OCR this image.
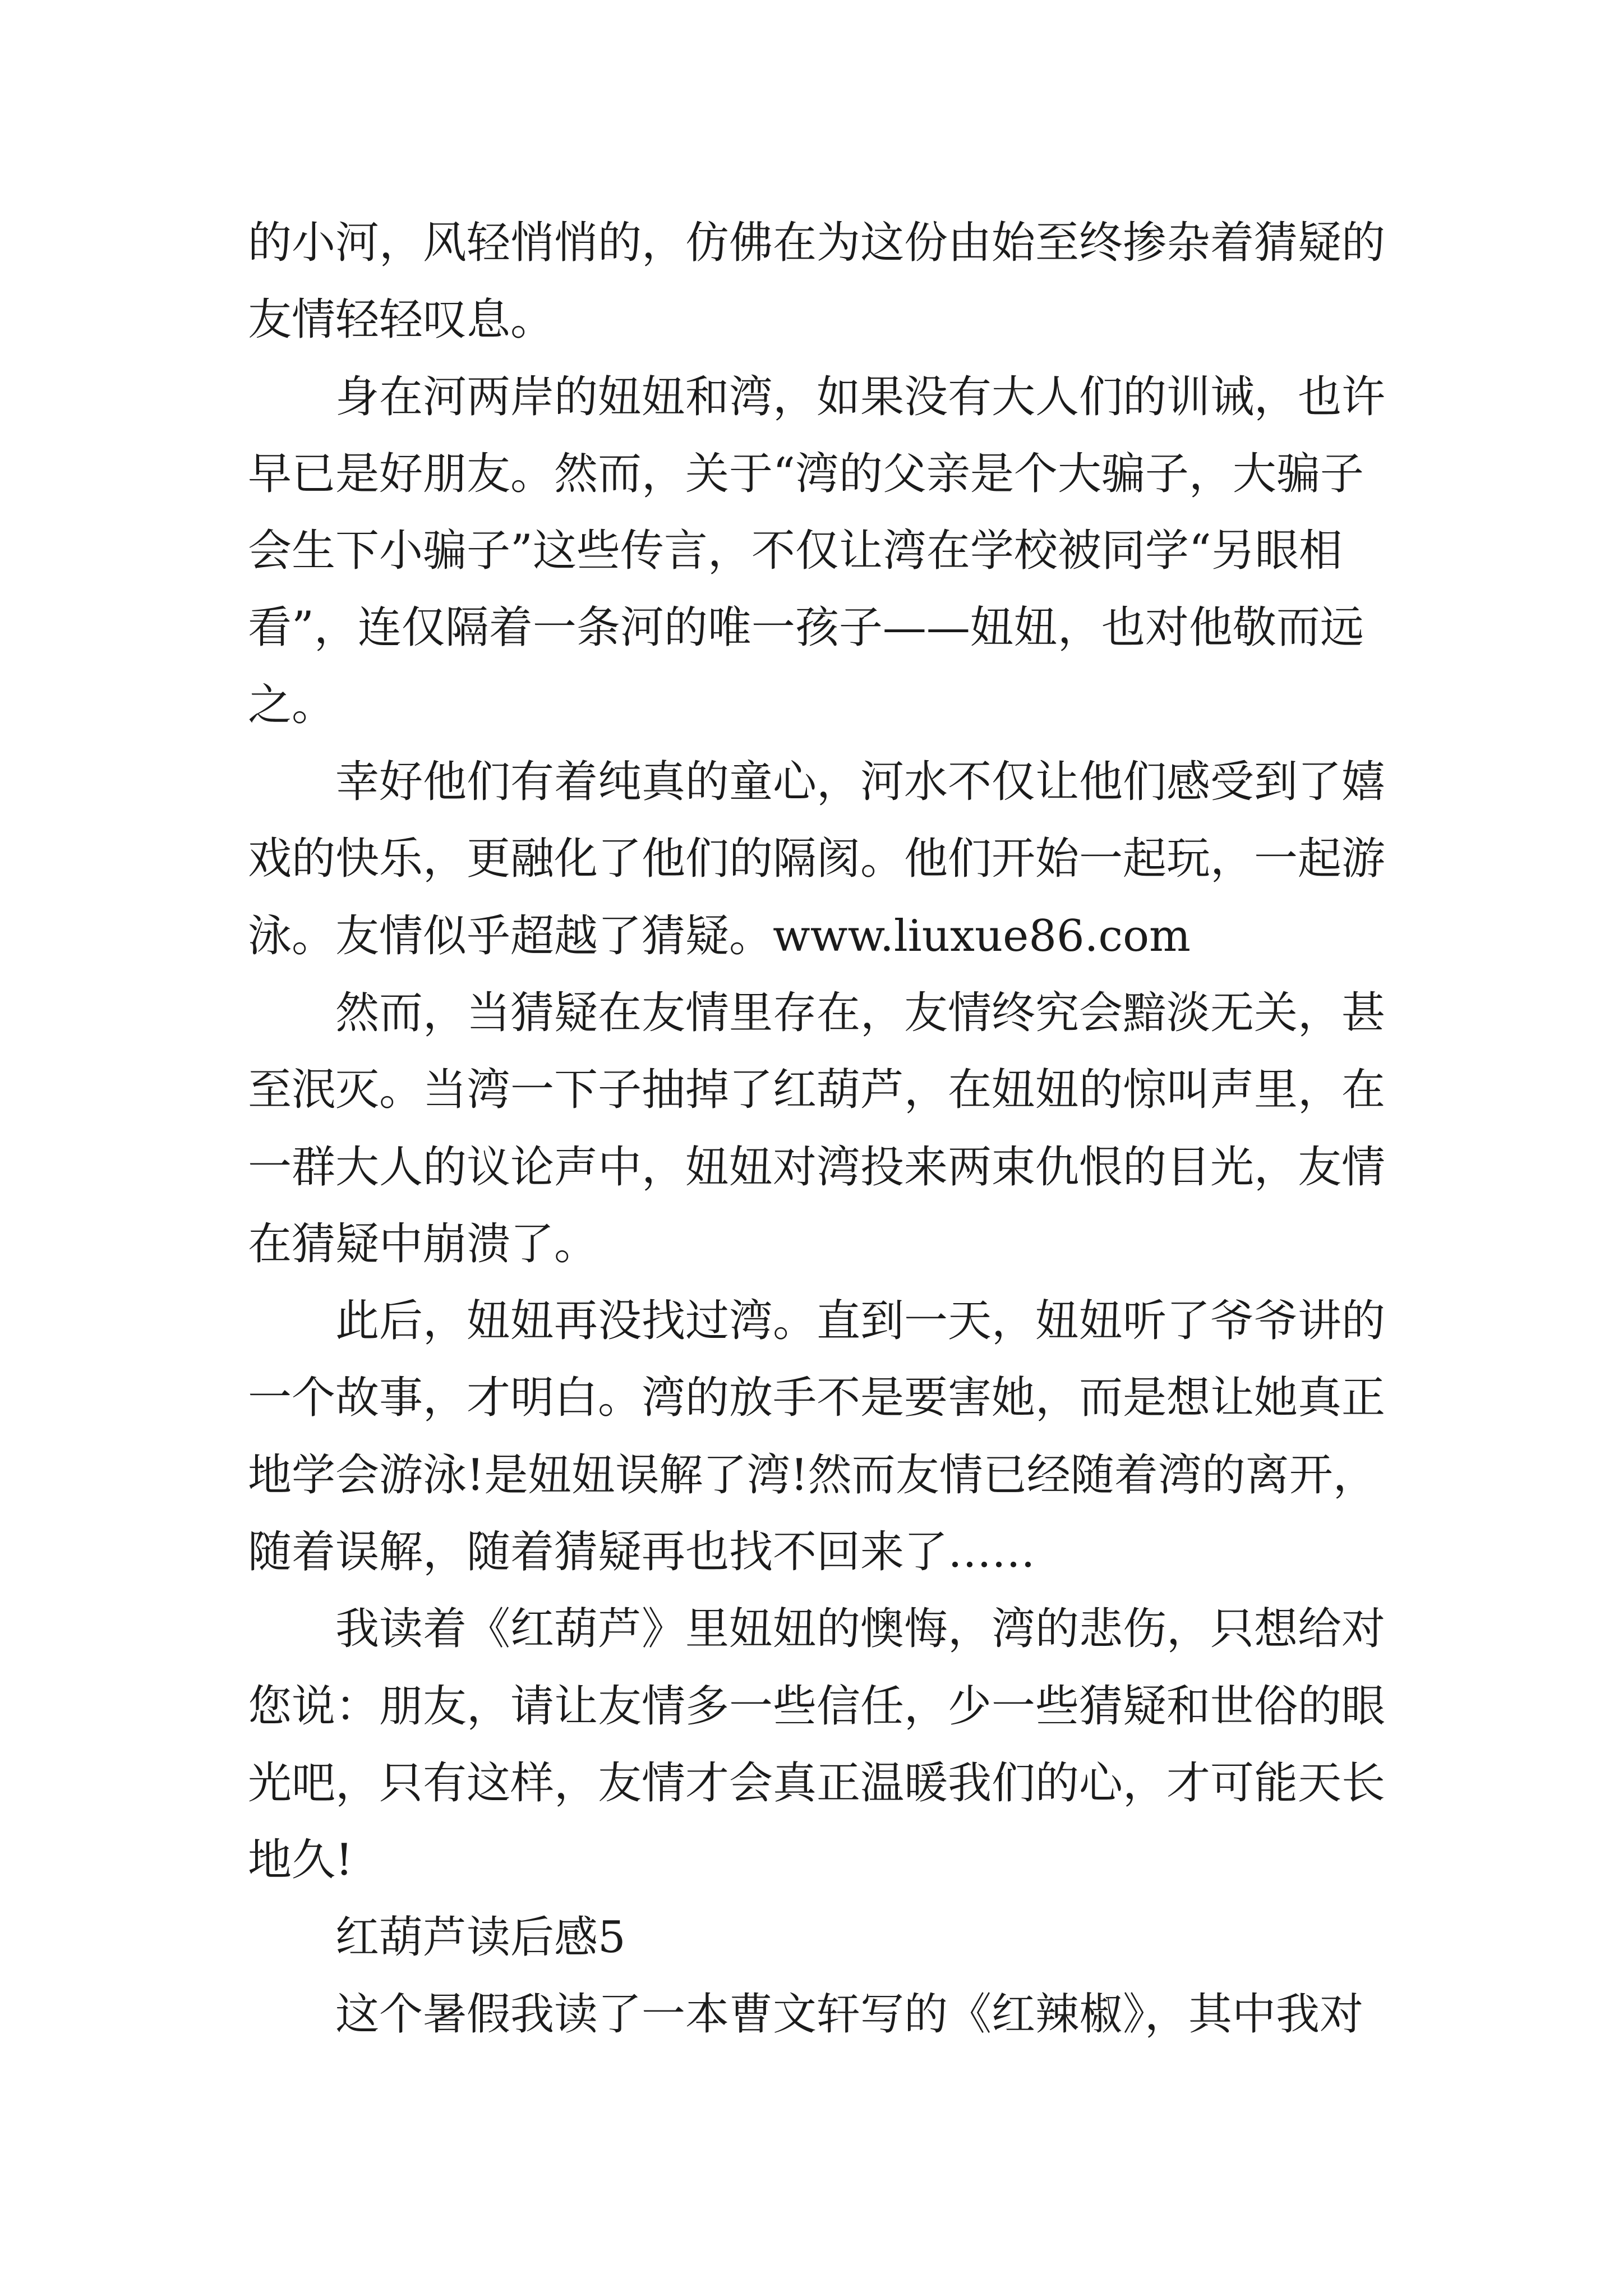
的小河，风轻悄悄的，仿佛在为这份由始至终掺杂着猜疑的
友情轻轻叹息。
身在河两岸的妞妞和湾，如果没有大人们的训诫，也许
早已是好朋友。然而，关于“湾的父亲是个大骗子，大骗子
会生下小骗子”这些传言，不仅让湾在学校被同学“另眼相
看”，连仅隔着一条河的唯一孩子——妞妞，也对他敬而远
之。
幸好他们有着纯真的童心，河水不仅让他们感受到了嬉
戏的快乐，更融化了他们的隔阂。他们开始一起玩，一起游
泳。友情似乎超越了猜疑。www.liuxue86.com
然而，当猜疑在友情里存在，友情终究会黯淡无关，甚
至泯灭。当湾一下子抽掉了红葫芦，在妞妞的惊叫声里，在
一群大人的议论声中，妞妞对湾投来两束仇恨的目光，友情
在猜疑中崩溃了。
此后，妞妞再没找过湾。直到一天，妞妞听了爷爷讲的
一个故事，才明白。湾的放手不是要害她，而是想让她真正
地学会游泳!是妞妞误解了湾!然而友情已经随着湾的离开，
随着误解，随着猜疑再也找不回来了……
我读着《红葫芦》里妞妞的懊悔，湾的悲伤，只想给对
您说：朋友，请让友情多一些信任，少一些猜疑和世俗的眼
光吧，只有这样，友情才会真正温暖我们的心，才可能天长
地久!
红葫芦读后感5
这个暑假我读了一本曹文轩写的《红辣椒》，其中我对
